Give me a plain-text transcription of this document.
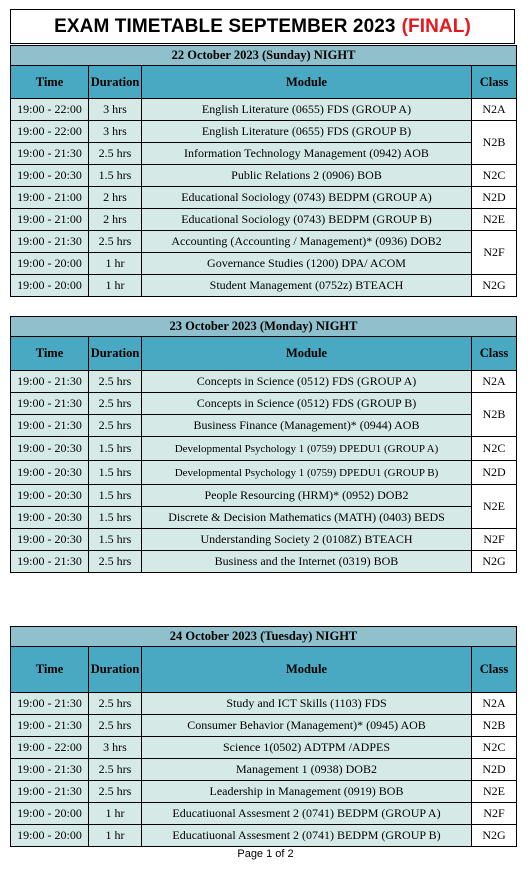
EXAM TIMETABLE SEPTEMBER 2023 (FINAL)
22 October 2023 (Sunday) NIGHT			
Time	Duration	Module	Class
19:00 - 22:00	3 hrs	English Literature (0655) FDS (GROUP A)	N2A
19:00 - 22:00	3 hrs	English Literature (0655) FDS (GROUP B)	N2B
19:00 - 21:30	2.5 hrs	Information Technology Management (0942) AOB	
19:00 - 20:30	1.5 hrs	Public Relations 2 (0906) BOB	N2C
19:00 - 21:00	2 hrs	Educational Sociology (0743) BEDPM (GROUP A)	N2D
19:00 - 21:00	2 hrs	Educational Sociology (0743) BEDPM (GROUP B)	N2E
19:00 - 21:30	2.5 hrs	Accounting (Accounting / Management)* (0936) DOB2	N2F
19:00 - 20:00	1 hr	Governance Studies (1200) DPA/ ACOM	
19:00 - 20:00	1 hr	Student Management (0752z) BTEACH	N2G
23 October 2023 (Monday) NIGHT			
Time	Duration	Module	Class
19:00 - 21:30	2.5 hrs	Concepts in Science (0512) FDS (GROUP A)	N2A
19:00 - 21:30	2.5 hrs	Concepts in Science (0512) FDS (GROUP B)	N2B
19:00 - 21:30	2.5 hrs	Business Finance (Management)* (0944) AOB	
19:00 - 20:30	1.5 hrs	Developmental Psychology 1 (0759) DPEDU1 (GROUP A)	N2C
19:00 - 20:30	1.5 hrs	Developmental Psychology 1 (0759) DPEDU1 (GROUP B)	N2D
19:00 - 20:30	1.5 hrs	People Resourcing (HRM)* (0952) DOB2	N2E
19:00 - 20:30	1.5 hrs	Discrete & Decision Mathematics (MATH) (0403) BEDS	
19:00 - 20:30	1.5 hrs	Understanding Society 2 (0108Z) BTEACH	N2F
19:00 - 21:30	2.5 hrs	Business and the Internet (0319) BOB	N2G
24 October 2023 (Tuesday) NIGHT			
Time	Duration	Module	Class
19:00 - 21:30	2.5 hrs	Study and ICT Skills (1103) FDS	N2A
19:00 - 21:30	2.5 hrs	Consumer Behavior (Management)* (0945) AOB	N2B
19:00 - 22:00	3 hrs	Science 1(0502) ADTPM /ADPES	N2C
19:00 - 21:30	2.5 hrs	Management 1 (0938) DOB2	N2D
19:00 - 21:30	2.5 hrs	Leadership in Management (0919) BOB	N2E
19:00 - 20:00	1 hr	Educatiuonal Assesment 2 (0741) BEDPM (GROUP A)	N2F
19:00 - 20:00	1 hr	Educatiuonal Assesment 2 (0741) BEDPM (GROUP B)	N2G
Page 1 of 2
